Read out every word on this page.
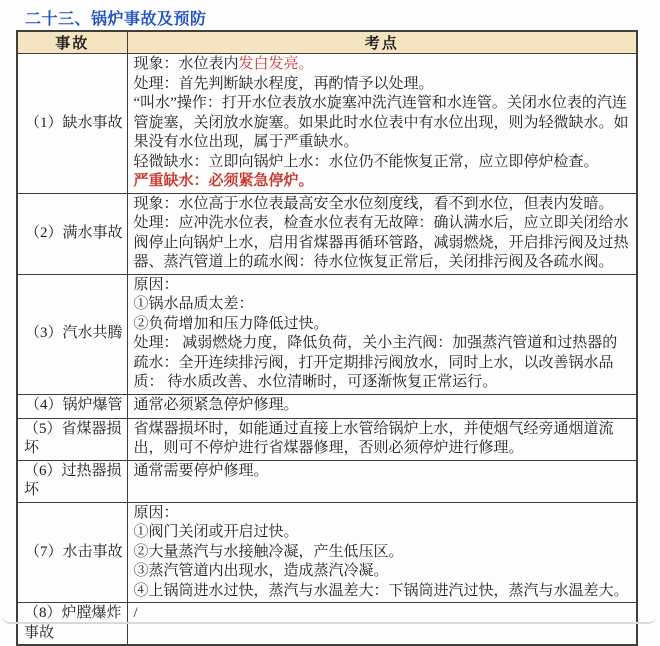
二十三、锅炉事故及预防
事故	考点
（1）缺水事故	现象：水位表内发白发亮。

处理：首先判断缺水程度，再酌情予以处理。

“叫水”操作：打开水位表放水旋塞冲洗汽连管和水连管。关闭水位表的汽连管旋塞，关闭放水旋塞。如果此时水位表中有水位出现，则为轻微缺水。如果没有水位出现，属于严重缺水。

轻微缺水：立即向锅炉上水：水位仍不能恢复正常，应立即停炉检查。

严重缺水：必须紧急停炉。

（2）满水事故	现象：水位高于水位表最高安全水位刻度线，看不到水位，但表内发暗。

处理：应冲洗水位表，检查水位表有无故障：确认满水后，应立即关闭给水阀停止向锅炉上水，启用省煤器再循环管路，减弱燃烧，开启排污阀及过热器、蒸汽管道上的疏水阀：待水位恢复正常后，关闭排污阀及各疏水阀。

（3）汽水共腾	原因：

①锅水品质太差：

②负荷增加和压力降低过快。

处理： 减弱燃烧力度，降低负荷，关小主汽阀：加强蒸汽管道和过热器的疏水：全开连续排污阀，打开定期排污阀放水，同时上水，以改善锅水品质： 待水质改善、水位清晰时，可逐渐恢复正常运行。

（4）锅炉爆管	通常必须紧急停炉修理。

（5）省煤器损坏	省煤器损坏时，如能通过直接上水管给锅炉上水，并使烟气经旁通烟道流出，则可不停炉进行省煤器修理，否则必须停炉进行修理。

（6）过热器损坏	通常需要停炉修理。

（7）水击事故	原因：

①阀门关闭或开启过快。

②大量蒸汽与水接触冷凝，产生低压区。

③蒸汽管道内出现水，造成蒸汽冷凝。

④上锅筒进水过快，蒸汽与水温差大：下锅筒进汽过快，蒸汽与水温差大。

（8）炉膛爆炸事故	/
